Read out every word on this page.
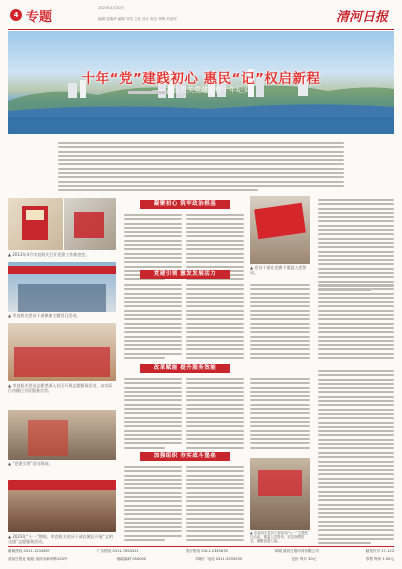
4 专题
2023年4月20日
编辑 周瑞华 编辑 刘雪 文化 设计 郭宝 审核 冯延民	清河日报
十年“党”建践初心 惠民“记”权启新程
——市直机关党建工作十年纪实
▲ 2013年4月市直机关召开党建工作推进会。
▲ 市直机关党员干部参加主题党日活动。
▲ 市直机关党员志愿者深入社区开展志愿服务活动，以实际行动践行为民服务宗旨。
▲ “党建引领”活动现场。
▲ 2023年“十一”期间，市直机关党员干部在城区开展“文明交通”志愿服务活动。
凝聚初心 筑牢政治根基
▲ 党员干部在党旗下重温入党誓词。
党建引领 激发发展活力
改革赋能 提升服务效能
加强组织 夯实战斗堡垒
▲ 市直机关党员干部参加“七一”主题党日活动，重温入党誓词，坚定理想信念，凝聚奋进力量。
新闻热线 0311-1234567	广告热线 0311-7654321	发行热线 0311-2345678	印刷 清河日报印务有限公司	邮发代号 17-123
清河日报社 地址 清河市新华路100号	邮政编码 054000	印刷厂 电话 0311-5555555	定价 每月 30元	零售 每份 1.50元
